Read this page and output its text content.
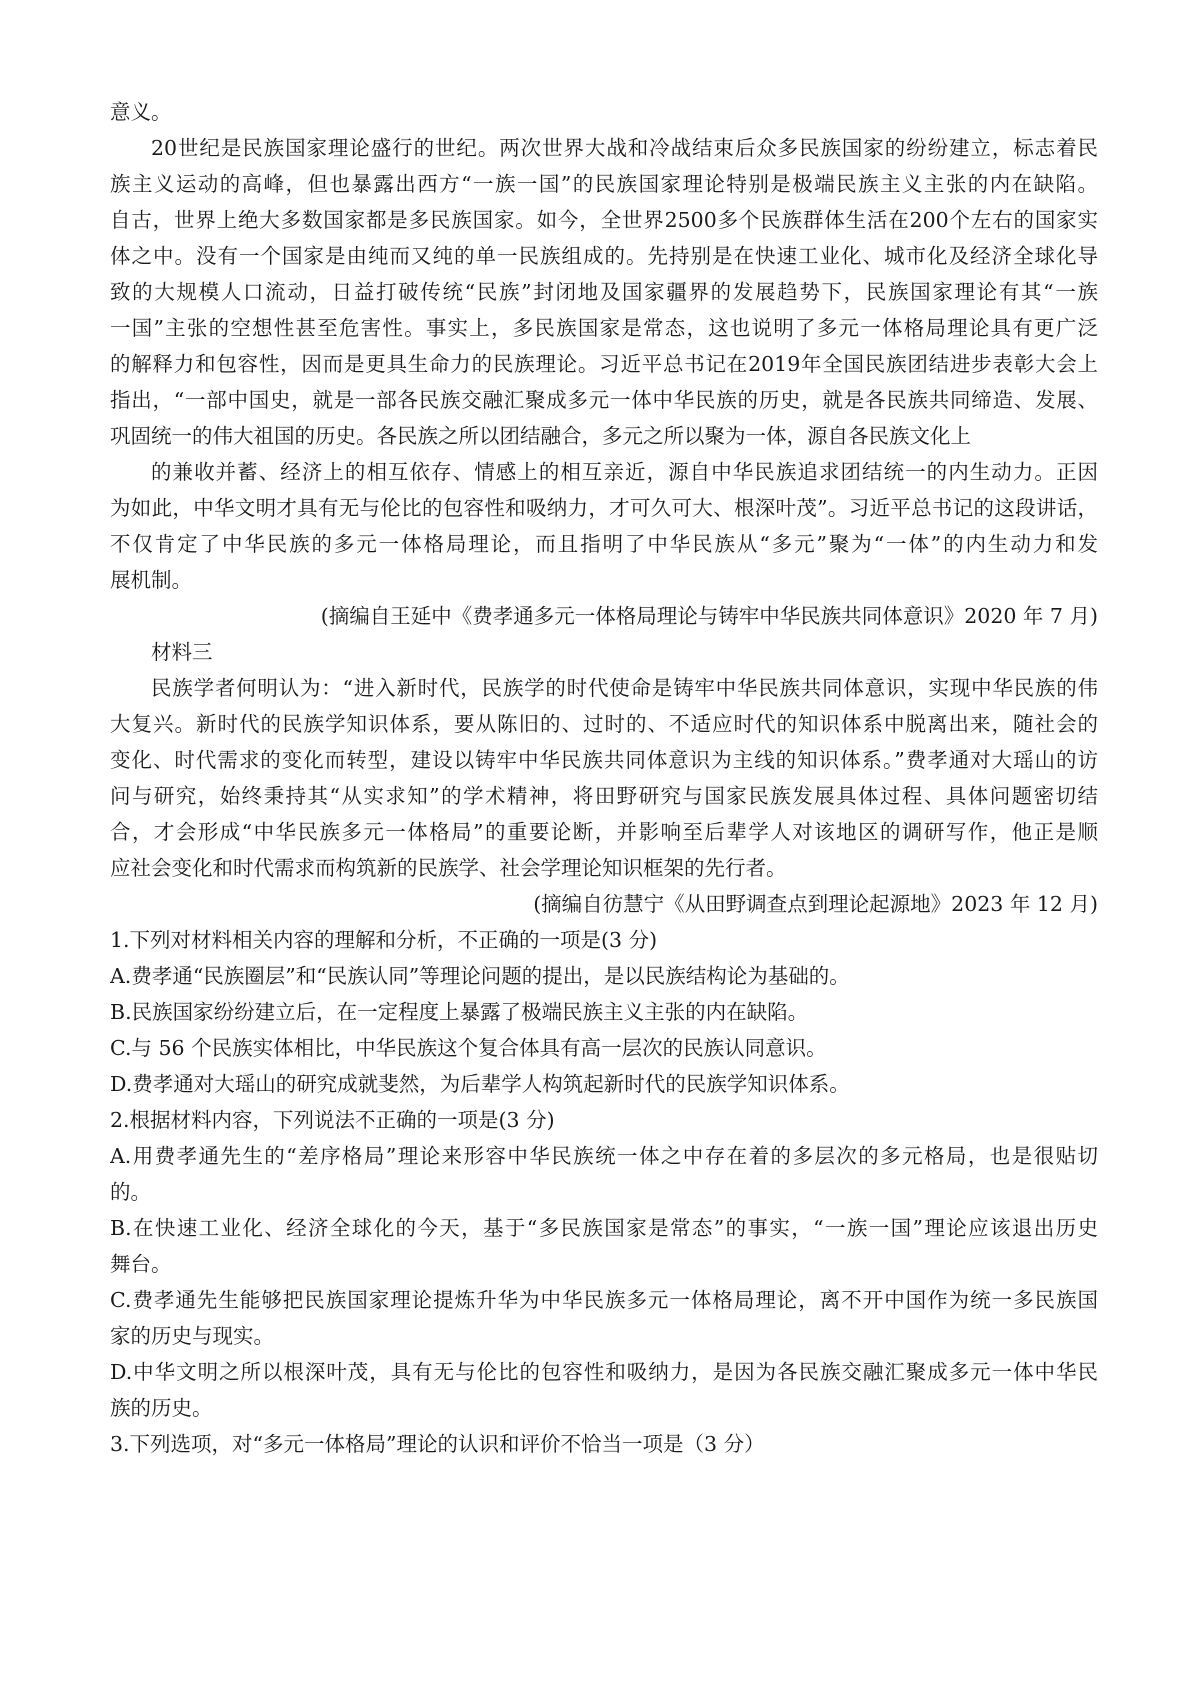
意义。
20世纪是民族国家理论盛行的世纪。两次世界大战和冷战结束后众多民族国家的纷纷建立，标志着民
族主义运动的高峰，但也暴露出西方“一族一国”的民族国家理论特别是极端民族主义主张的内在缺陷。
自古，世界上绝大多数国家都是多民族国家。如今，全世界2500多个民族群体生活在200个左右的国家实
体之中。没有一个国家是由纯而又纯的单一民族组成的。先持别是在快速工业化、城市化及经济全球化导
致的大规模人口流动，日益打破传统“民族”封闭地及国家疆界的发展趋势下，民族国家理论有其“一族
一国”主张的空想性甚至危害性。事实上，多民族国家是常态，这也说明了多元一体格局理论具有更广泛
的解释力和包容性，因而是更具生命力的民族理论。习近平总书记在2019年全国民族团结进步表彰大会上
指出，“一部中国史，就是一部各民族交融汇聚成多元一体中华民族的历史，就是各民族共同缔造、发展、
巩固统一的伟大祖国的历史。各民族之所以团结融合，多元之所以聚为一体，源自各民族文化上
的兼收并蓄、经济上的相互依存、情感上的相互亲近，源自中华民族追求团结统一的内生动力。正因
为如此，中华文明才具有无与伦比的包容性和吸纳力，才可久可大、根深叶茂”。习近平总书记的这段讲话，
不仅肯定了中华民族的多元一体格局理论，而且指明了中华民族从“多元”聚为“一体”的内生动力和发
展机制。
(摘编自王延中《费孝通多元一体格局理论与铸牢中华民族共同体意识》2020 年 7 月)
材料三
民族学者何明认为：“进入新时代，民族学的时代使命是铸牢中华民族共同体意识，实现中华民族的伟
大复兴。新时代的民族学知识体系，要从陈旧的、过时的、不适应时代的知识体系中脱离出来，随社会的
变化、时代需求的变化而转型，建设以铸牢中华民族共同体意识为主线的知识体系。”费孝通对大瑶山的访
问与研究，始终秉持其“从实求知”的学术精神，将田野研究与国家民族发展具体过程、具体问题密切结
合，才会形成“中华民族多元一体格局”的重要论断，并影响至后辈学人对该地区的调研写作，他正是顺
应社会变化和时代需求而构筑新的民族学、社会学理论知识框架的先行者。
(摘编自彷慧宁《从田野调查点到理论起源地》2023 年 12 月)
1.下列对材料相关内容的理解和分析，不正确的一项是(3 分)
A.费孝通“民族圈层”和“民族认同”等理论问题的提出，是以民族结构论为基础的。
B.民族国家纷纷建立后，在一定程度上暴露了极端民族主义主张的内在缺陷。
C.与 56 个民族实体相比，中华民族这个复合体具有高一层次的民族认同意识。
D.费孝通对大瑶山的研究成就斐然，为后辈学人构筑起新时代的民族学知识体系。
2.根据材料内容，下列说法不正确的一项是(3 分)
A.用费孝通先生的“差序格局”理论来形容中华民族统一体之中存在着的多层次的多元格局，也是很贴切
的。
B.在快速工业化、经济全球化的今天，基于“多民族国家是常态”的事实，“一族一国”理论应该退出历史
舞台。
C.费孝通先生能够把民族国家理论提炼升华为中华民族多元一体格局理论，离不开中国作为统一多民族国
家的历史与现实。
D.中华文明之所以根深叶茂，具有无与伦比的包容性和吸纳力，是因为各民族交融汇聚成多元一体中华民
族的历史。
3.下列选项，对“多元一体格局”理论的认识和评价不恰当一项是（3 分）
